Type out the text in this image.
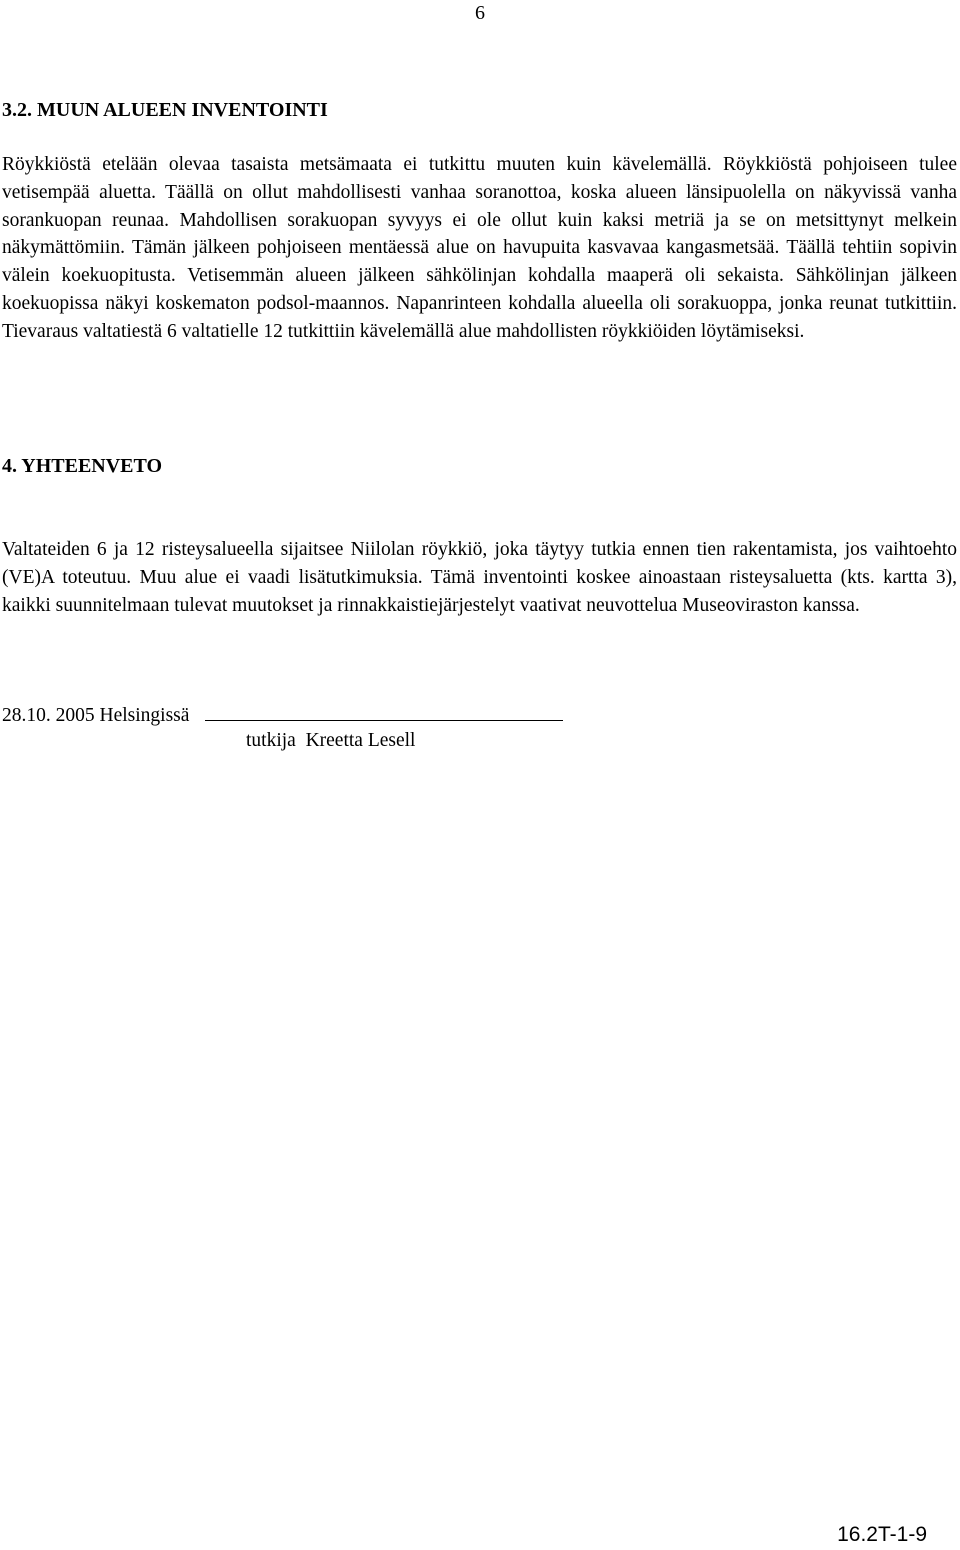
6
3.2. MUUN ALUEEN INVENTOINTI

Röykkiöstä etelään olevaa tasaista metsämaata ei tutkittu muuten kuin kävelemällä. Röykkiöstä pohjoiseen tulee vetisempää aluetta. Täällä on ollut mahdollisesti vanhaa soranottoa, koska alueen länsipuolella on näkyvissä vanha sorankuopan reunaa. Mahdollisen sorakuopan syvyys ei ole ollut kuin kaksi metriä ja se on metsittynyt melkein näkymättömiin. Tämän jälkeen pohjoiseen mentäessä alue on havupuita kasvavaa kangasmetsää. Täällä tehtiin sopivin välein koekuopitusta. Vetisemmän alueen jälkeen sähkölinjan kohdalla maaperä oli sekaista. Sähkölinjan jälkeen koekuopissa näkyi koskematon podsol-maannos. Napanrinteen kohdalla alueella oli sorakuoppa, jonka reunat tutkittiin. Tievaraus valtatiestä 6 valtatielle 12 tutkittiin kävelemällä alue mahdollisten röykkiöiden löytämiseksi.

4. YHTEENVETO

Valtateiden 6 ja 12 risteysalueella sijaitsee Niilolan röykkiö, joka täytyy tutkia ennen tien rakentamista, jos vaihtoehto (VE)A toteutuu. Muu alue ei vaadi lisätutkimuksia. Tämä inventointi koskee ainoastaan risteysaluetta (kts. kartta 3), kaikki suunnitelmaan tulevat muutokset ja rinnakkaistiejärjestelyt vaativat neuvottelua Museoviraston kanssa.

28.10. 2005 Helsingissä
tutkija  Kreetta Lesell
16.2T-1-9
